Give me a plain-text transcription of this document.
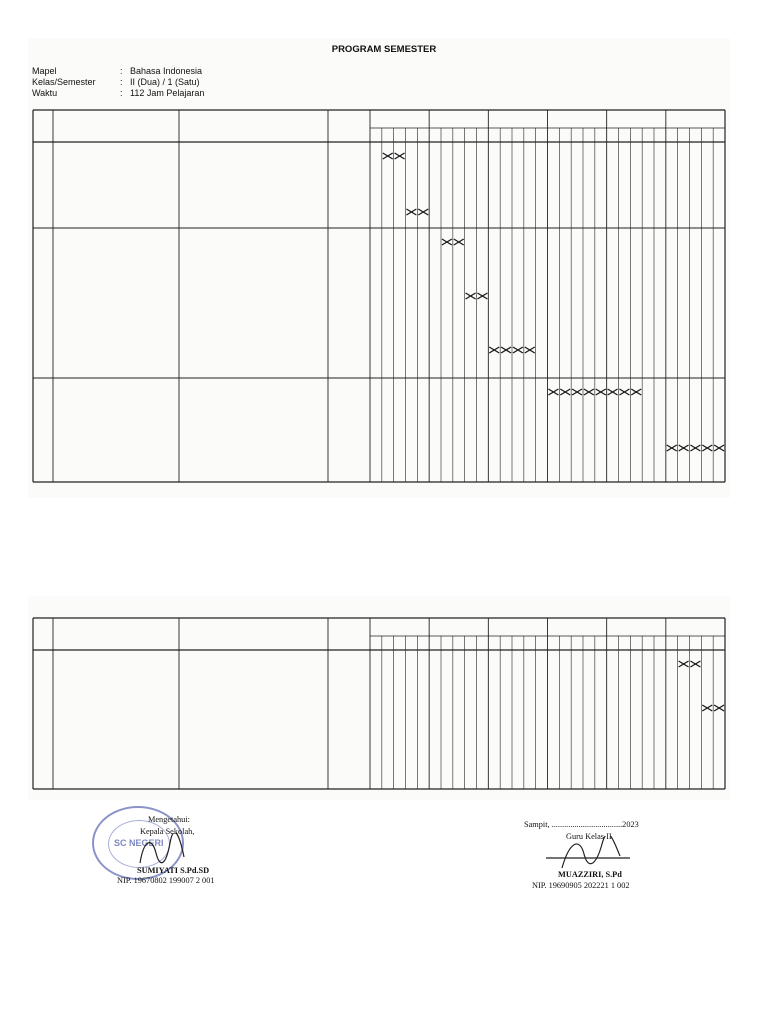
PROGRAM SEMESTER
Mapel	: Bahasa Indonesia
Kelas/Semester	: II (Dua) / 1 (Satu)
Waktu	: 112 Jam Pelajaran
SC NEGERI
Mengetahui:
Kepala Sekolah,
SUMIYATI S.Pd.SD
NIP. 19670802 199007 2 001
Sampit, ..................................2023
Guru Kelas II
MUAZZIRI, S.Pd
NIP. 19690905 202221 1 002
